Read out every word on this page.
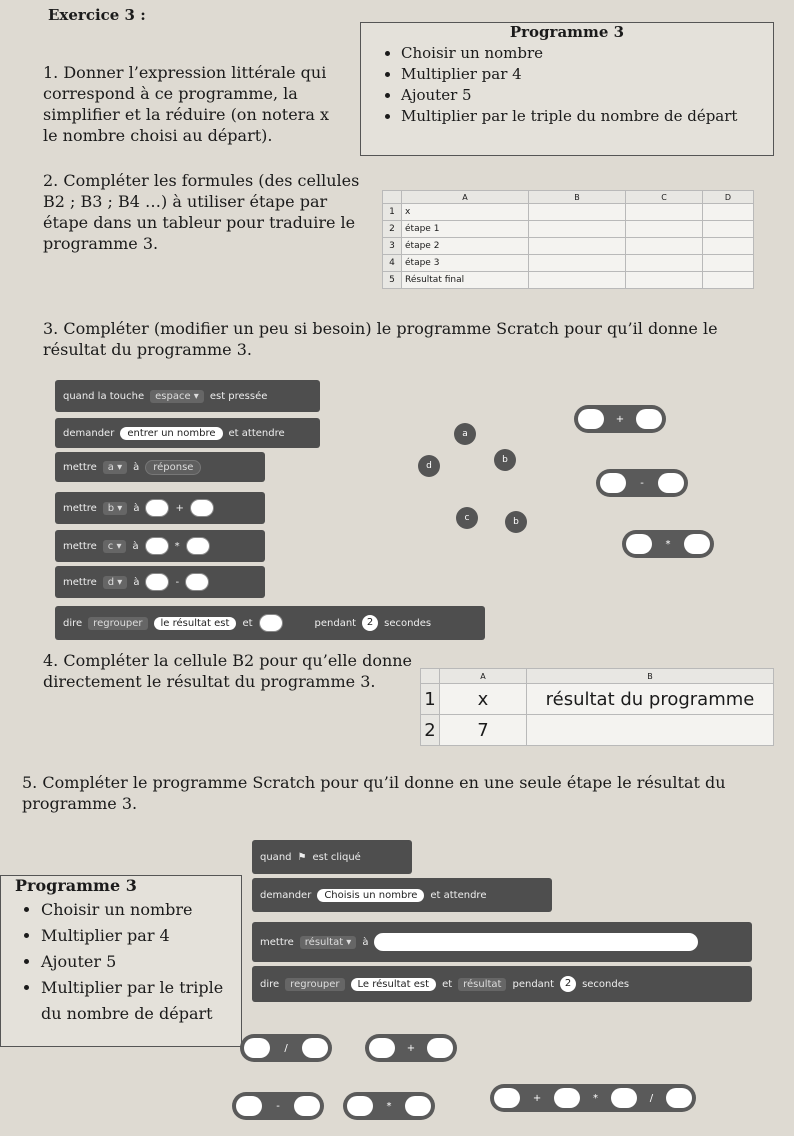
Exercice 3 :
1. Donner l’expression littérale qui correspond à ce programme, la simplifier et la réduire (on notera x le nombre choisi au départ).
Programme 3
• Choisir un nombre
• Multiplier par 4
• Ajouter 5
• Multiplier par le triple du nombre de départ
2. Compléter les formules (des cellules B2 ; B3 ; B4 …) à utiliser étape par étape dans un tableur pour traduire le programme 3.
	A	B	C	D
1	x			
2	étape 1			
3	étape 2			
4	étape 3			
5	Résultat final			
3. Compléter (modifier un peu si besoin) le programme Scratch pour qu’il donne le résultat du programme 3.
quand la touche	espace ▾	est pressée
demander	entrer un nombre	et attendre
mettre	a ▾	à	réponse
mettre	b ▾	à	+
mettre	c ▾	à	*
mettre	d ▾	à	-
dire	regrouper	le résultat est	et	pendant	2	secondes
a
b
d
c	b
+
-
*
4. Compléter la cellule B2 pour qu’elle donne directement le résultat du programme 3.
		A	B
1	x	résultat du programme
2	7	
5. Compléter le programme Scratch pour qu’il donne en une seule étape le résultat du programme 3.
Programme 3
• Choisir un nombre
• Multiplier par 4
• Ajouter 5
• Multiplier par le triple du nombre de départ
quand ⚑ est cliqué
demander	Choisis un nombre	et attendre
mettre	résultat ▾	à
dire	regrouper	Le résultat est	et	résultat	pendant	2	secondes
/	+
+	*	/
-	*
